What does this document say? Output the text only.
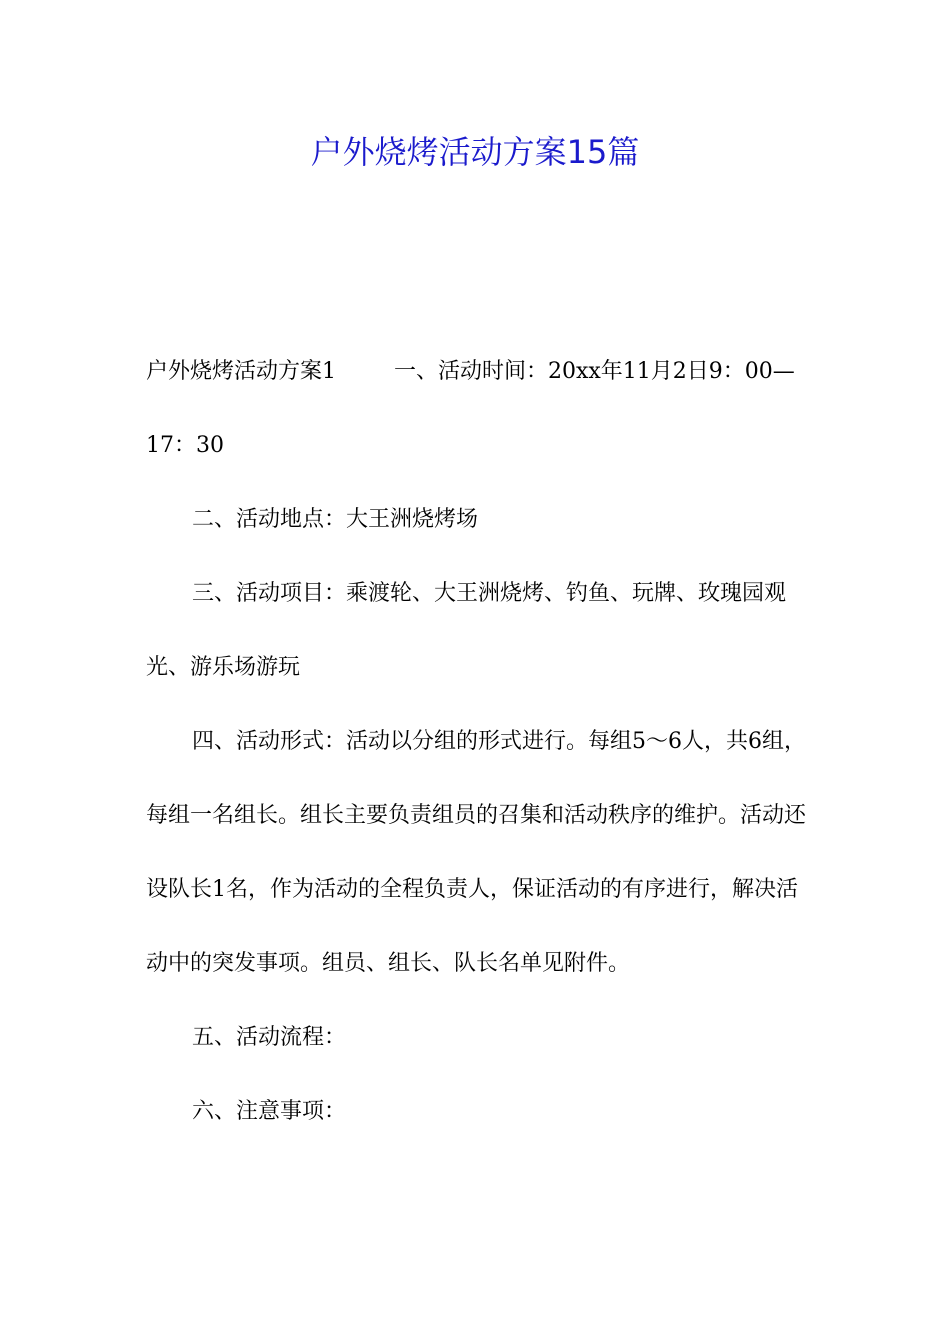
户外烧烤活动方案15篇

户外烧烤活动方案1	一、活动时间：20xx年11月2日9：00—17：30

二、活动地点：大王洲烧烤场

三、活动项目：乘渡轮、大王洲烧烤、钓鱼、玩牌、玫瑰园观光、游乐场游玩

四、活动形式：活动以分组的形式进行。每组5～6人，共6组，每组一名组长。组长主要负责组员的召集和活动秩序的维护。活动还设队长1名，作为活动的全程负责人，保证活动的有序进行，解决活动中的突发事项。组员、组长、队长名单见附件。

五、活动流程：

六、注意事项：
